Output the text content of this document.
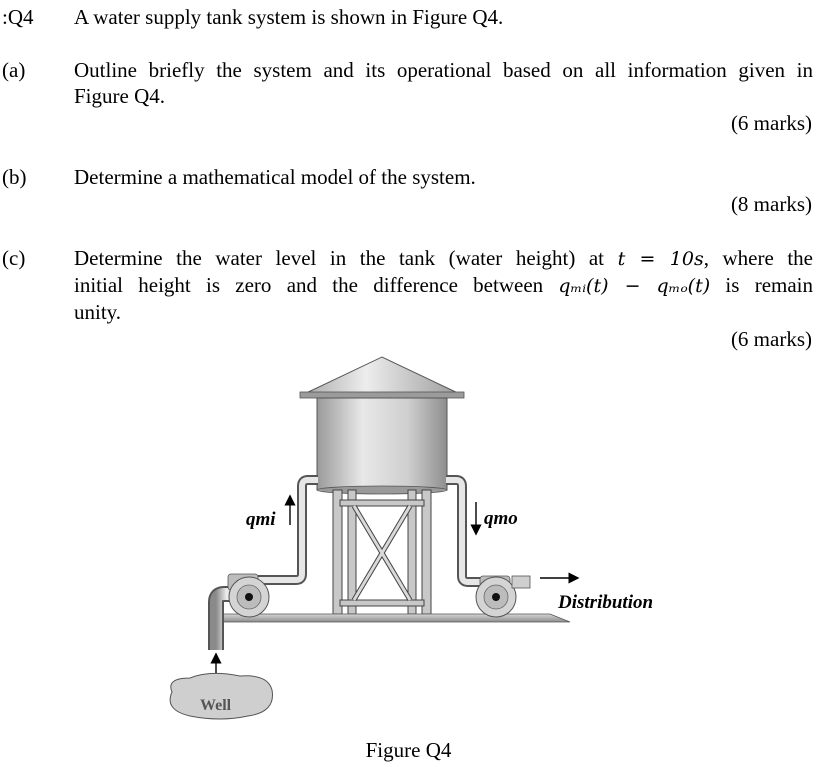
:Q4 A water supply tank system is shown in Figure Q4.
(a) Outline briefly the system and its operational based on all information given in
Figure Q4.
(6 marks)
(b) Determine a mathematical model of the system.
(8 marks)
(c) Determine the water level in the tank (water height) at t = 10s, where the
initial height is zero and the difference between qₘᵢ(t) − qₘₒ(t) is remain
unity.
(6 marks)
qmi	qmo
Distribution
Well
Figure Q4
